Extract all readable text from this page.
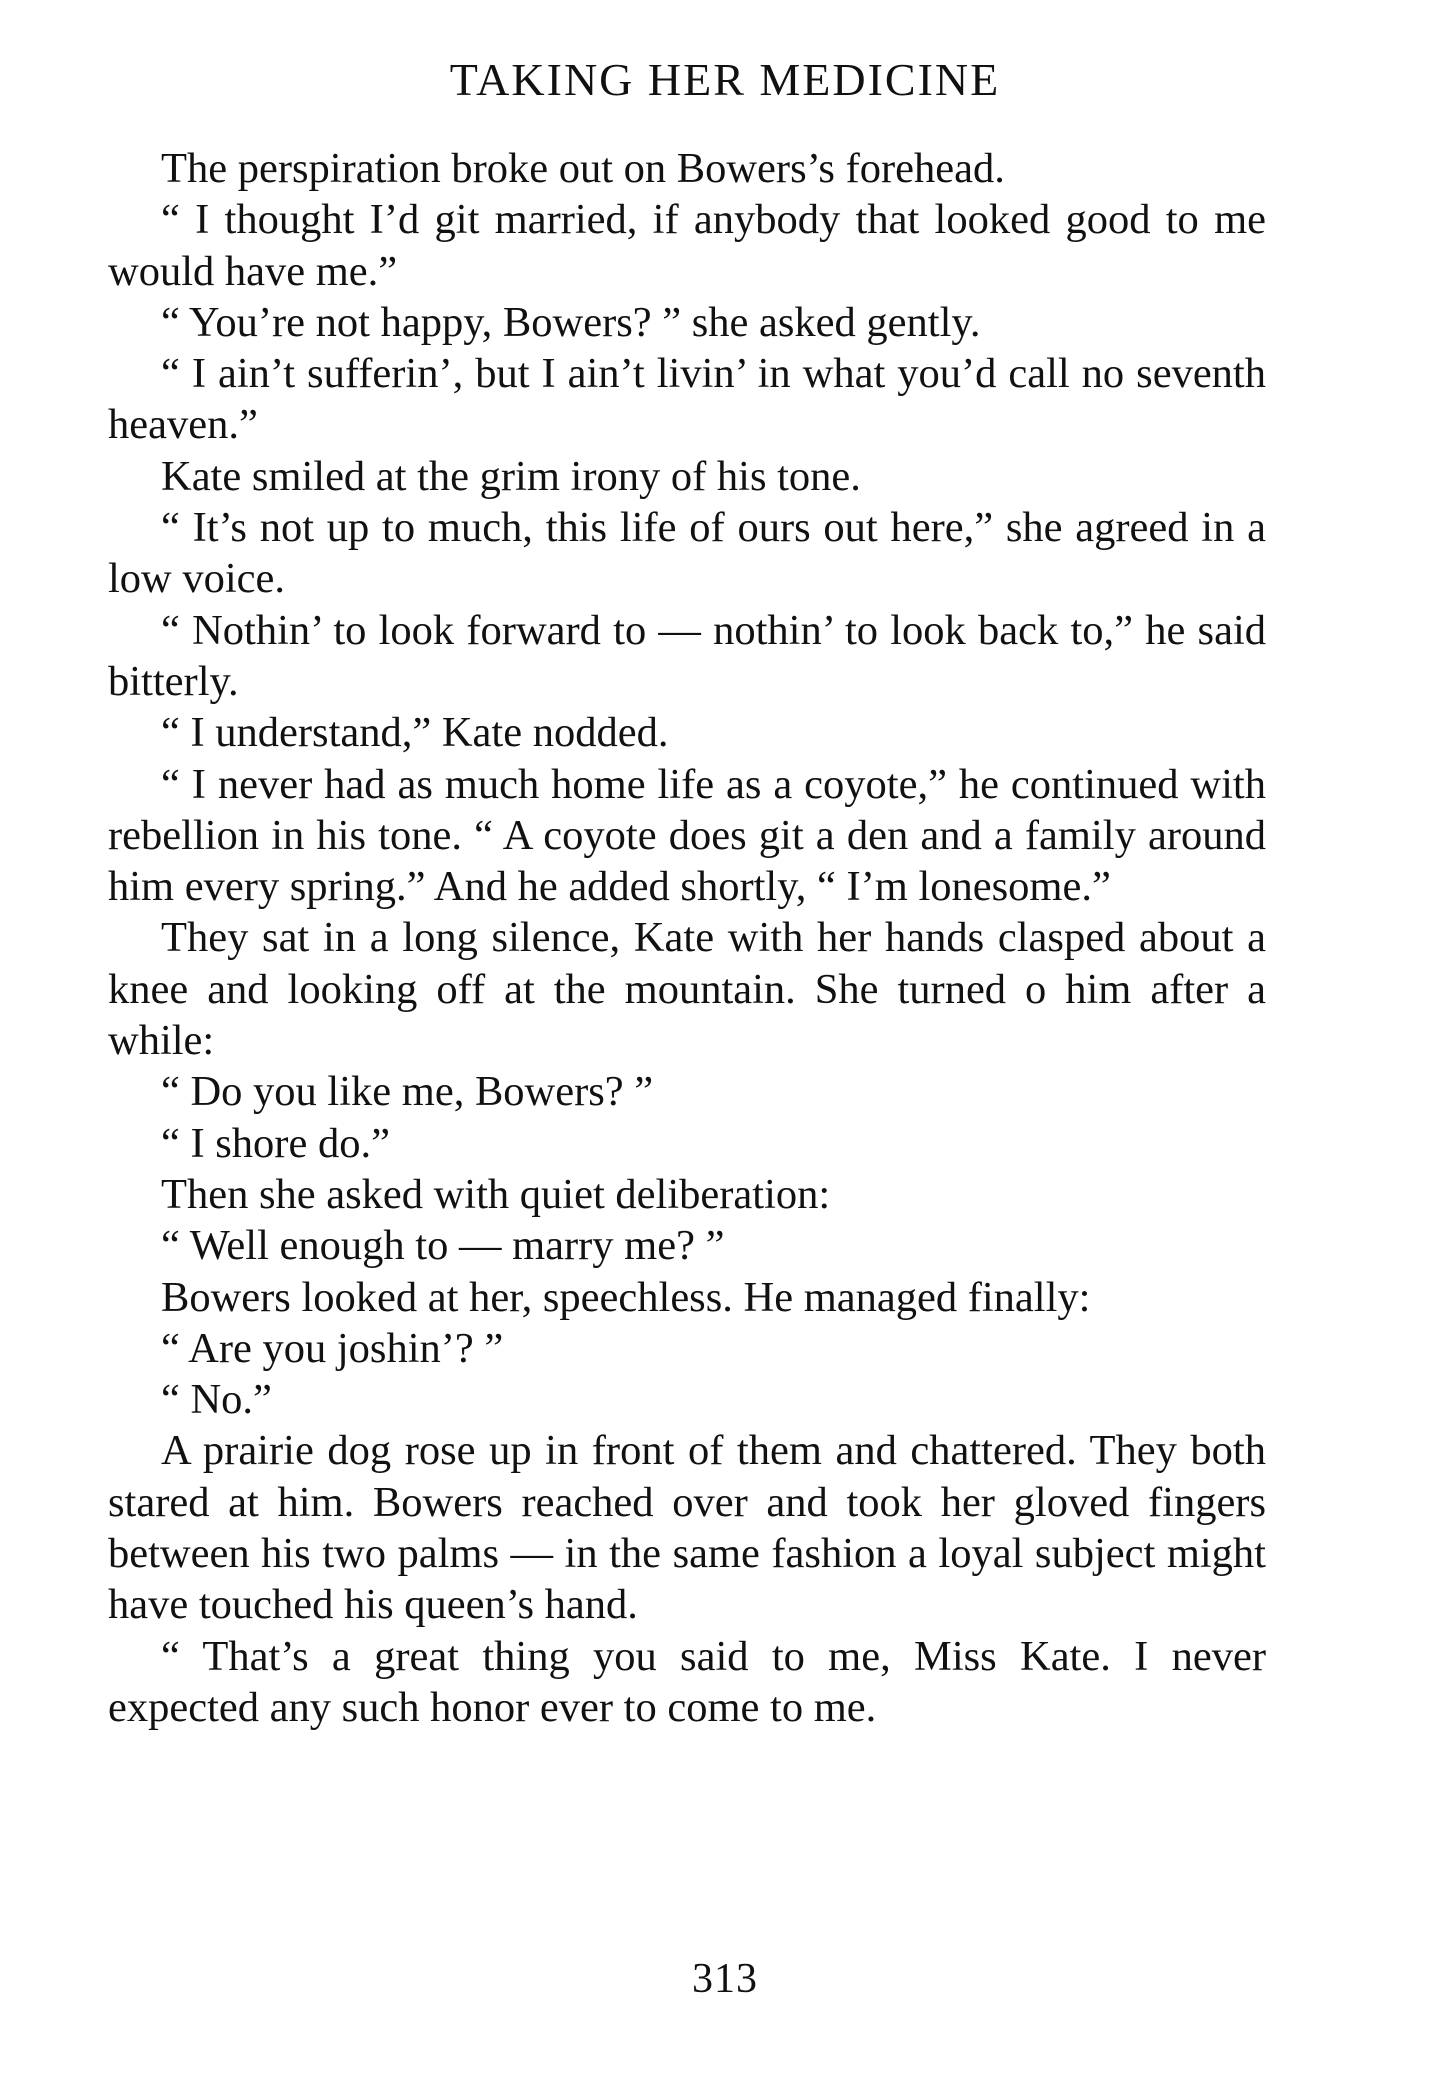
TAKING HER MEDICINE

The perspiration broke out on Bowers’s forehead.

“ I thought I’d git married, if anybody that looked good to me would have me.”

“ You’re not happy, Bowers? ” she asked gently.

“ I ain’t sufferin’, but I ain’t livin’ in what you’d call no seventh heaven.”

Kate smiled at the grim irony of his tone.

“ It’s not up to much, this life of ours out here,” she agreed in a low voice.

“ Nothin’ to look forward to — nothin’ to look back to,” he said bitterly.

“ I understand,” Kate nodded.

“ I never had as much home life as a coyote,” he continued with rebellion in his tone. “ A coyote does git a den and a family around him every spring.” And he added shortly, “ I’m lonesome.”

They sat in a long silence, Kate with her hands clasped about a knee and looking off at the mountain. She turned o him after a while:

“ Do you like me, Bowers? ”

“ I shore do.”

Then she asked with quiet deliberation:

“ Well enough to — marry me? ”

Bowers looked at her, speechless. He managed finally:

“ Are you joshin’? ”

“ No.”

A prairie dog rose up in front of them and chattered. They both stared at him. Bowers reached over and took her gloved fingers between his two palms — in the same fashion a loyal subject might have touched his queen’s hand.

“ That’s a great thing you said to me, Miss Kate. I never expected any such honor ever to come to me.

313
